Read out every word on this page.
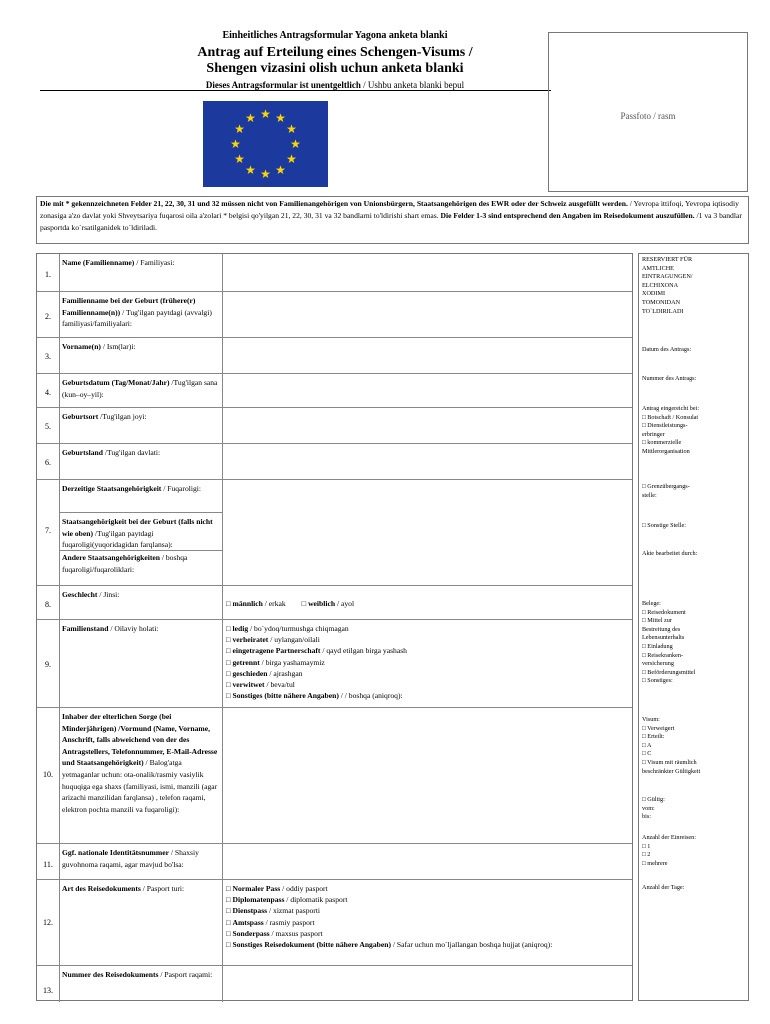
Einheitliches Antragsformular Yagona anketa blanki
Antrag auf Erteilung eines Schengen-Visums /
Shengen vizasini olish uchun anketa blanki
Dieses Antragsformular ist unentgeltlich / Ushbu anketa blanki bepul
★ ★
★
★
★
★
★
★
★
★
★
★	Passfoto / rasm
Die mit * gekennzeichneten Felder 21, 22, 30, 31 und 32 müssen nicht von Familienangehörigen von Unionsbürgern, Staatsangehörigen des EWR oder der Schweiz ausgefüllt werden. / Yevropa ittifoqi, Yevropa iqtisodiy zonasiga a'zo davlat yoki Shveytsariya fuqarosi oila a'zolari * belgisi qo'yilgan 21, 22, 30, 31 va 32 bandlarni to'ldirishi shart emas. Die Felder 1-3 sind entsprechend den Angaben im Reisedokument auszufüllen. /1 va 3 bandlar pasportda ko`rsatilganidek to`ldiriladi.
1.
Name (Familienname) / Familiyasi:
2.
Familienname bei der Geburt (frühere(r) Familienname(n)) / Tug'ilgan paytdagi (avvalgi) familiyasi/familiyalari:
3.
Vorname(n) / Ism(lar)i:
4.
Geburtsdatum (Tag/Monat/Jahr) /Tug'ilgan sana (kun–oy–yil):
5.
Geburtsort /Tug'ilgan joyi:
6.
Geburtsland /Tug'ilgan davlati:
7.
Derzeitige Staatsangehörigkeit / Fuqaroligi:
Staatsangehörigkeit bei der Geburt (falls nicht wie oben) /Tug'ilgan paytdagi fuqaroligi(yuqoridagidan farqlansa):
Andere Staatsangehörigkeiten / boshqa fuqaroligi/fuqaroliklari:
8.
Geschlecht / Jinsi:
□ männlich / erkak □ weiblich / ayol
9.
Familienstand / Oilaviy holati:	□ ledig / bo`ydoq/turmushga chiqmagan
□ verheiratet / uylangan/oilali
□ eingetragene Partnerschaft / qayd etilgan birga yashash
□ getrennt / birga yashamaymiz
□ geschieden / ajrashgan
□ verwitwet / beva/tul
□ Sonstiges (bitte nähere Angaben) / / boshqa (aniqroq):
10.
Inhaber der elterlichen Sorge (bei Minderjährigen) /Vormund (Name, Vorname, Anschrift, falls abweichend von der des Antragstellers, Telefonnummer, E-Mail-Adresse und Staatsangehörigkeit) / Balog'atga yetmaganlar uchun: ota-onalik/rasmiy vasiylik huquqiga ega shaxs (familiyasi, ismi, manzili (agar arizachi manzilidan farqlansa) , telefon raqami, elektron pochta manzili va fuqaroligi):
11.
Ggf. nationale Identitätsnummer / Shaxsiy guvohnoma raqami, agar mavjud bo'lsa:
12.
Art des Reisedokuments / Pasport turi:	□ Normaler Pass / oddiy pasport
□ Diplomatenpass / diplomatik pasport
□ Dienstpass / xizmat pasporti
□ Amtspass / rasmiy pasport
□ Sonderpass / maxsus pasport
□ Sonstiges Reisedokument (bitte nähere Angaben) / Safar uchun mo`ljallangan boshqa hujjat (aniqroq):
13.
Nummer des Reisedokuments / Pasport raqami:
RESERVIERT FÜR
AMTLICHE
EINTRAGUNGEN/
ELCHIXONA
XODIMI
TOMONIDAN
TO`LDIRILADI
Datum des Antrags:
Nummer des Antrags:
Antrag eingereicht bei:
□ Botschaft / Konsulat
□ Dienstleistungs-
erbringer
□ kommerzielle
Mittlerorganisation
□ Grenzübergangs-
stelle:
□ Sonstige Stelle:
Akte bearbeitet durch:
Belege:
□ Reisedokument
□ Mittel zur
Bestreitung des
Lebensunterhalts
□ Einladung
□ Reisekranken-
versicherung
□ Beförderungsmittel
□ Sonstiges:
Visum:
□ Verweigert
□ Erteilt:
□ A
□ C
□ Visum mit räumlich
beschränkter Gültigkeit
□ Gültig:
vom:
bis:
Anzahl der Einreisen:
□ 1
□ 2
□ mehrere
Anzahl der Tage:
